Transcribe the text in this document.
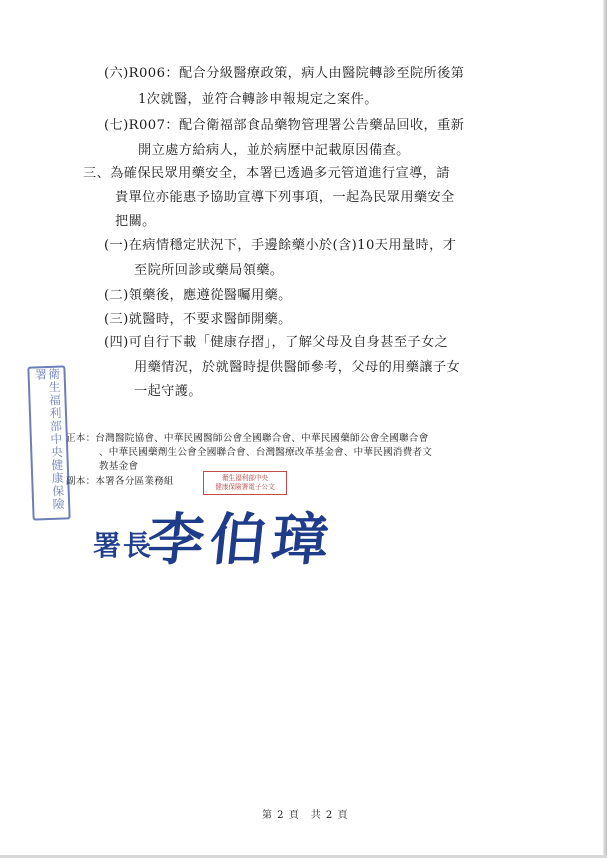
(六)R006：配合分級醫療政策，病人由醫院轉診至院所後第
1次就醫，並符合轉診申報規定之案件。
(七)R007：配合衛福部食品藥物管理署公告藥品回收，重新
開立處方給病人，並於病歷中記載原因備查。
三、為確保民眾用藥安全，本署已透過多元管道進行宣導，請
貴單位亦能惠予協助宣導下列事項，一起為民眾用藥安全
把關。
(一)在病情穩定狀況下，手邊餘藥小於(含)10天用量時，才
至院所回診或藥局領藥。
(二)領藥後，應遵從醫囑用藥。
(三)就醫時，不要求醫師開藥。
(四)可自行下載「健康存摺」，了解父母及自身甚至子女之
用藥情況，於就醫時提供醫師參考，父母的用藥讓子女
一起守護。
衛生福利部中央健康保險署
正本：台灣醫院協會、中華民國醫師公會全國聯合會、中華民國藥師公會全國聯合會
、中華民國藥劑生公會全國聯合會、台灣醫療改革基金會、中華民國消費者文
教基金會
副本：本署各分區業務組	衛生福利部中央
健康保險署電子公文
署長
李伯璋
第 2 頁　共 2 頁
